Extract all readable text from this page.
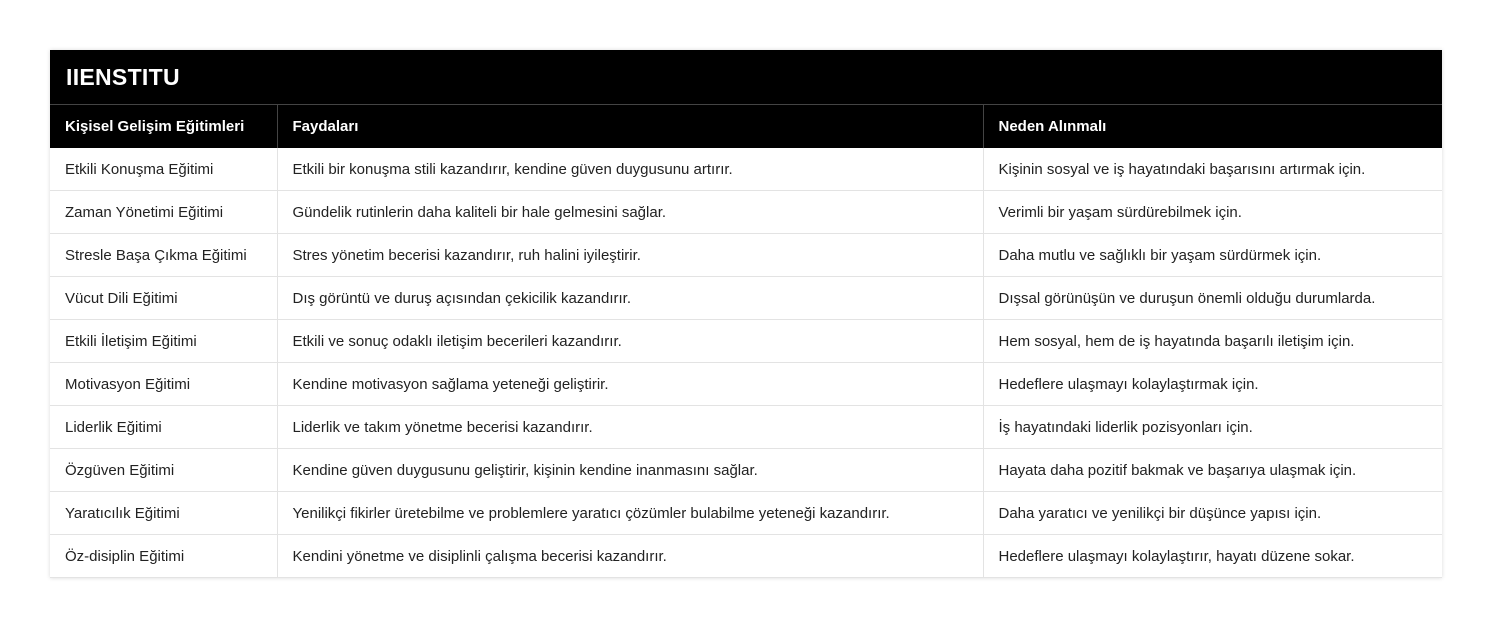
IIENSTITU		
Kişisel Gelişim Eğitimleri	Faydaları	Neden Alınmalı
Etkili Konuşma Eğitimi	Etkili bir konuşma stili kazandırır, kendine güven duygusunu artırır.	Kişinin sosyal ve iş hayatındaki başarısını artırmak için.
Zaman Yönetimi Eğitimi	Gündelik rutinlerin daha kaliteli bir hale gelmesini sağlar.	Verimli bir yaşam sürdürebilmek için.
Stresle Başa Çıkma Eğitimi	Stres yönetim becerisi kazandırır, ruh halini iyileştirir.	Daha mutlu ve sağlıklı bir yaşam sürdürmek için.
Vücut Dili Eğitimi	Dış görüntü ve duruş açısından çekicilik kazandırır.	Dışsal görünüşün ve duruşun önemli olduğu durumlarda.
Etkili İletişim Eğitimi	Etkili ve sonuç odaklı iletişim becerileri kazandırır.	Hem sosyal, hem de iş hayatında başarılı iletişim için.
Motivasyon Eğitimi	Kendine motivasyon sağlama yeteneği geliştirir.	Hedeflere ulaşmayı kolaylaştırmak için.
Liderlik Eğitimi	Liderlik ve takım yönetme becerisi kazandırır.	İş hayatındaki liderlik pozisyonları için.
Özgüven Eğitimi	Kendine güven duygusunu geliştirir, kişinin kendine inanmasını sağlar.	Hayata daha pozitif bakmak ve başarıya ulaşmak için.
Yaratıcılık Eğitimi	Yenilikçi fikirler üretebilme ve problemlere yaratıcı çözümler bulabilme yeteneği kazandırır.	Daha yaratıcı ve yenilikçi bir düşünce yapısı için.
Öz-disiplin Eğitimi	Kendini yönetme ve disiplinli çalışma becerisi kazandırır.	Hedeflere ulaşmayı kolaylaştırır, hayatı düzene sokar.
